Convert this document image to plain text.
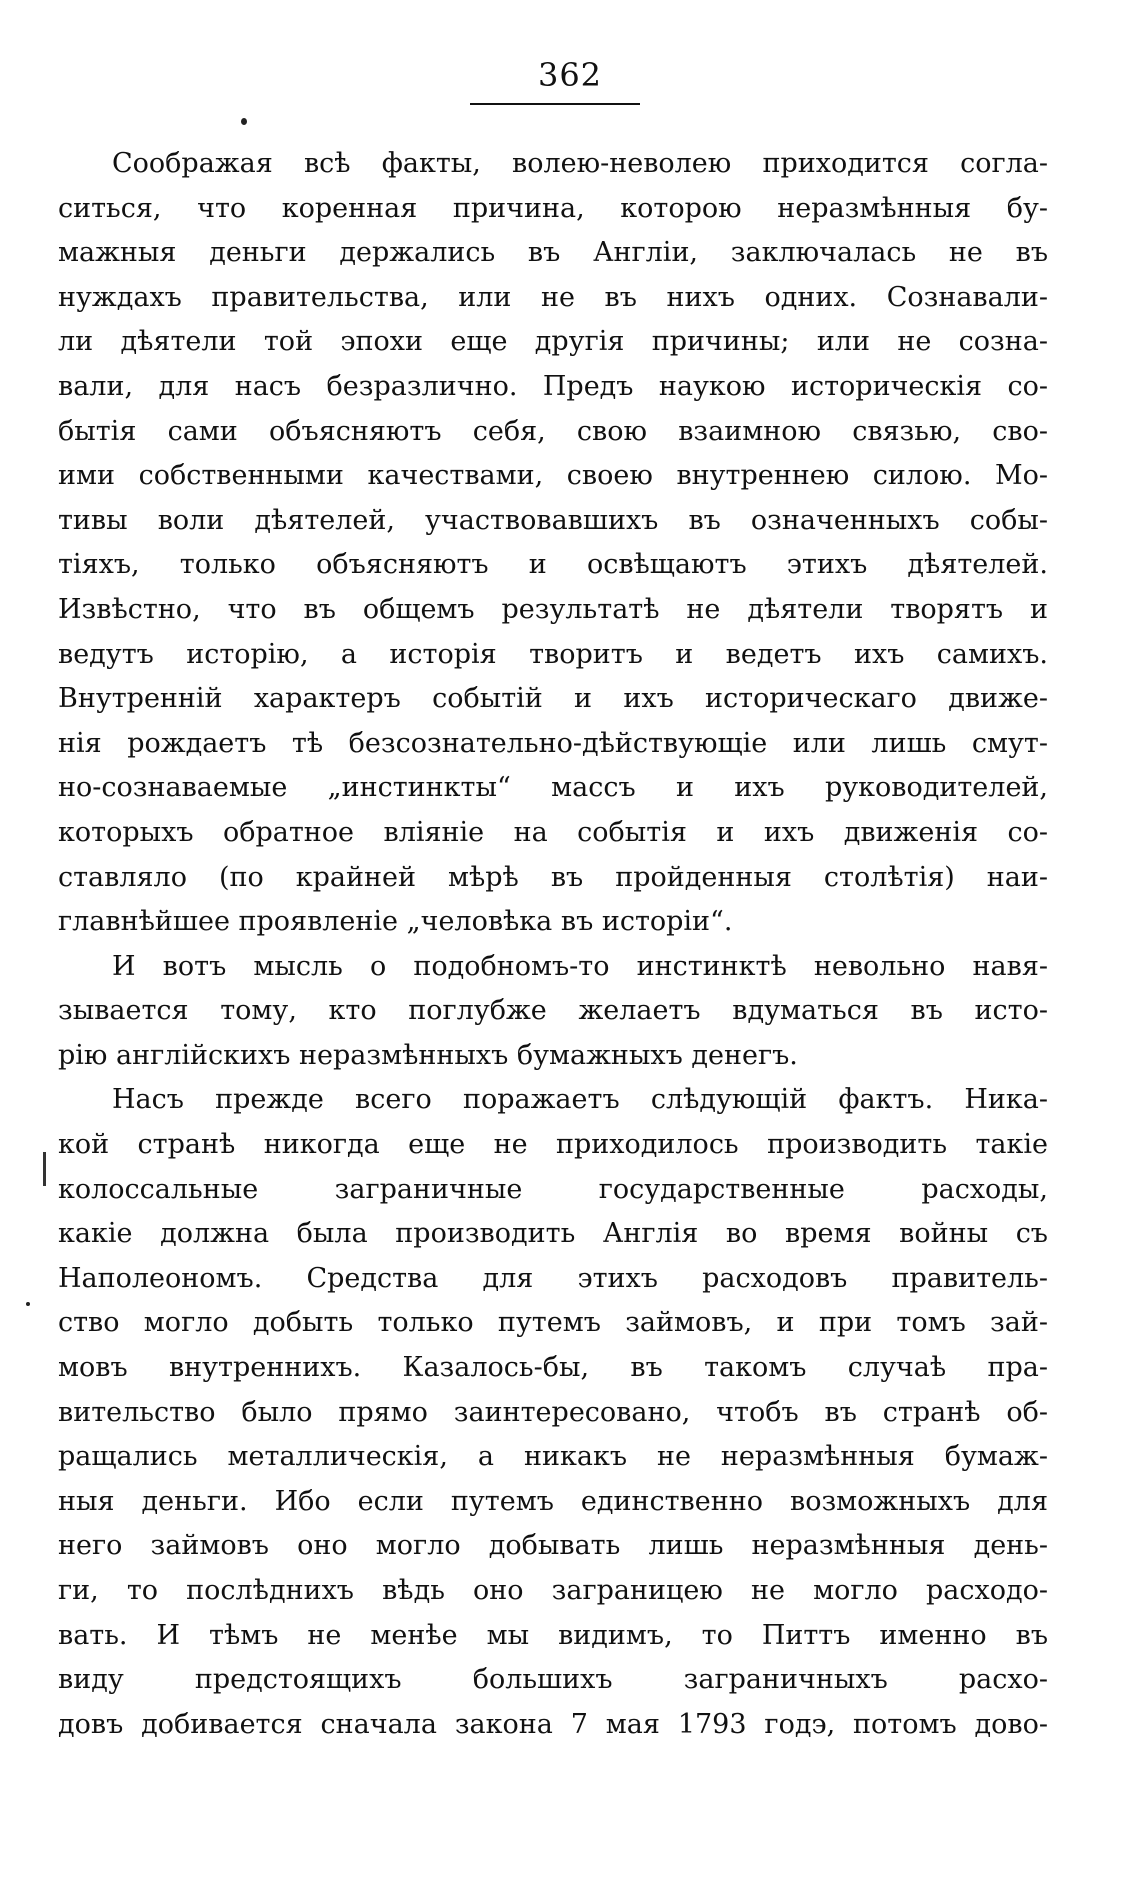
362
Соображая всѣ факты, волею-неволею приходится согла-
ситься, что коренная причина, которою неразмѣнныя бу-
мажныя деньги держались въ Англіи, заключалась не въ
нуждахъ правительства, или не въ нихъ одних. Сознавали-
ли дѣятели той эпохи еще другія причины; или не созна-
вали, для насъ безразлично. Предъ наукою историческія со-
бытія сами объясняютъ себя, свою взаимною связью, сво-
ими собственными качествами, своею внутреннею силою. Мо-
тивы воли дѣятелей, участвовавшихъ въ означенныхъ собы-
тіяхъ, только объясняютъ и освѣщаютъ этихъ дѣятелей.
Извѣстно, что въ общемъ результатѣ не дѣятели творятъ и
ведутъ исторію, а исторія творитъ и ведетъ ихъ самихъ.
Внутренній характеръ событій и ихъ историческаго движе-
нія рождаетъ тѣ безсознательно-дѣйствующіе или лишь смут-
но-сознаваемые „инстинкты“ массъ и ихъ руководителей,
которыхъ обратное вліяніе на событія и ихъ движенія со-
ставляло (по крайней мѣрѣ въ пройденныя столѣтія) наи-
главнѣйшее проявленіе „человѣка въ исторіи“.
И вотъ мысль о подобномъ-то инстинктѣ невольно навя-
зывается тому, кто поглубже желаетъ вдуматься въ исто-
рію англійскихъ неразмѣнныхъ бумажныхъ денегъ.
Насъ прежде всего поражаетъ слѣдующій фактъ. Ника-
кой странѣ никогда еще не приходилось производить такіе
колоссальные заграничные государственные расходы,
какіе должна была производить Англія во время войны съ
Наполеономъ. Средства для этихъ расходовъ правитель-
ство могло добыть только путемъ займовъ, и при томъ зай-
мовъ внутреннихъ. Казалось-бы, въ такомъ случаѣ пра-
вительство было прямо заинтересовано, чтобъ въ странѣ об-
ращались металлическія, а никакъ не неразмѣнныя бумаж-
ныя деньги. Ибо если путемъ единственно возможныхъ для
него займовъ оно могло добывать лишь неразмѣнныя день-
ги, то послѣднихъ вѣдь оно заграницею не могло расходо-
вать. И тѣмъ не менѣе мы видимъ, то Питтъ именно въ
виду предстоящихъ большихъ заграничныхъ расхо-
довъ добивается сначала закона 7 мая 1793 годэ, потомъ дово-
